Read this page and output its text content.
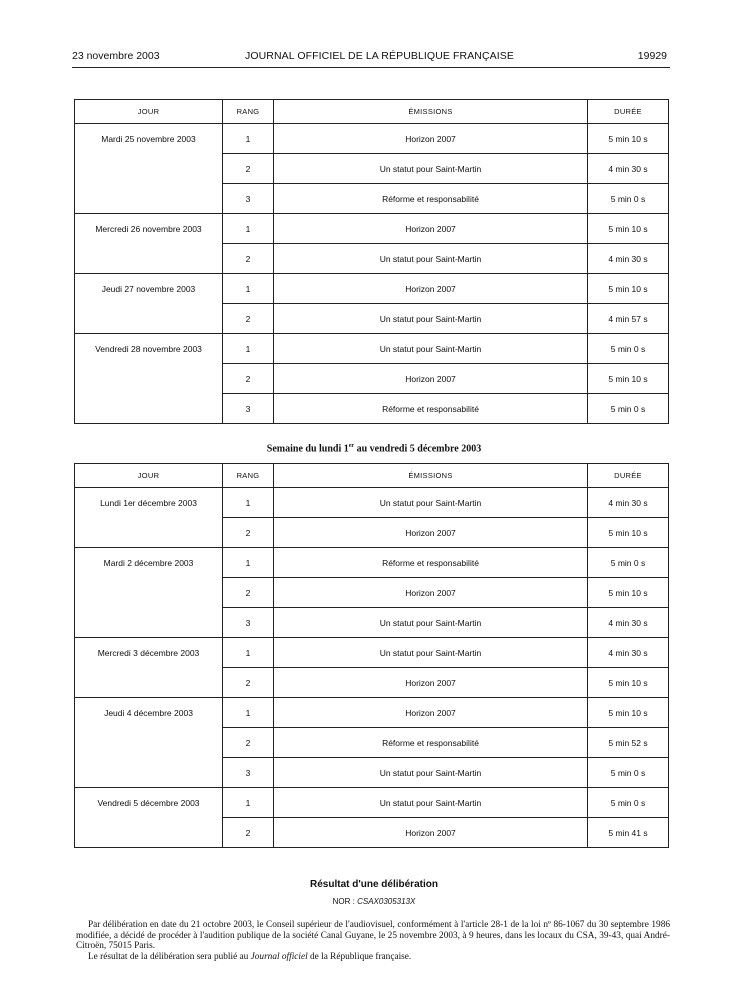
23 novembre 2003	JOURNAL OFFICIEL DE LA RÉPUBLIQUE FRANÇAISE	19929
JOUR	RANG	ÉMISSIONS	DURÉE
Mardi 25 novembre 2003	1	Horizon 2007	5 min 10 s
	2	Un statut pour Saint-Martin	4 min 30 s
	3	Réforme et responsabilité	5 min 0 s
Mercredi 26 novembre 2003	1	Horizon 2007	5 min 10 s
	2	Un statut pour Saint-Martin	4 min 30 s
Jeudi 27 novembre 2003	1	Horizon 2007	5 min 10 s
	2	Un statut pour Saint-Martin	4 min 57 s
Vendredi 28 novembre 2003	1	Un statut pour Saint-Martin	5 min 0 s
	2	Horizon 2007	5 min 10 s
	3	Réforme et responsabilité	5 min 0 s
Semaine du lundi 1er au vendredi 5 décembre 2003
JOUR	RANG	ÉMISSIONS	DURÉE
Lundi 1er décembre 2003	1	Un statut pour Saint-Martin	4 min 30 s
	2	Horizon 2007	5 min 10 s
Mardi 2 décembre 2003	1	Réforme et responsabilité	5 min 0 s
	2	Horizon 2007	5 min 10 s
	3	Un statut pour Saint-Martin	4 min 30 s
Mercredi 3 décembre 2003	1	Un statut pour Saint-Martin	4 min 30 s
	2	Horizon 2007	5 min 10 s
Jeudi 4 décembre 2003	1	Horizon 2007	5 min 10 s
	2	Réforme et responsabilité	5 min 52 s
	3	Un statut pour Saint-Martin	5 min 0 s
Vendredi 5 décembre 2003	1	Un statut pour Saint-Martin	5 min 0 s
	2	Horizon 2007	5 min 41 s
Résultat d'une délibération
NOR : CSAX0305313X

Par délibération en date du 21 octobre 2003, le Conseil supérieur de l'audiovisuel, conformément à l'article 28-1 de la loi nº 86-1067 du 30 septembre 1986 modifiée, a décidé de procéder à l'audition publique de la société Canal Guyane, le 25 novembre 2003, à 9 heures, dans les locaux du CSA, 39-43, quai André-Citroën, 75015 Paris.

Le résultat de la délibération sera publié au Journal officiel de la République française.
